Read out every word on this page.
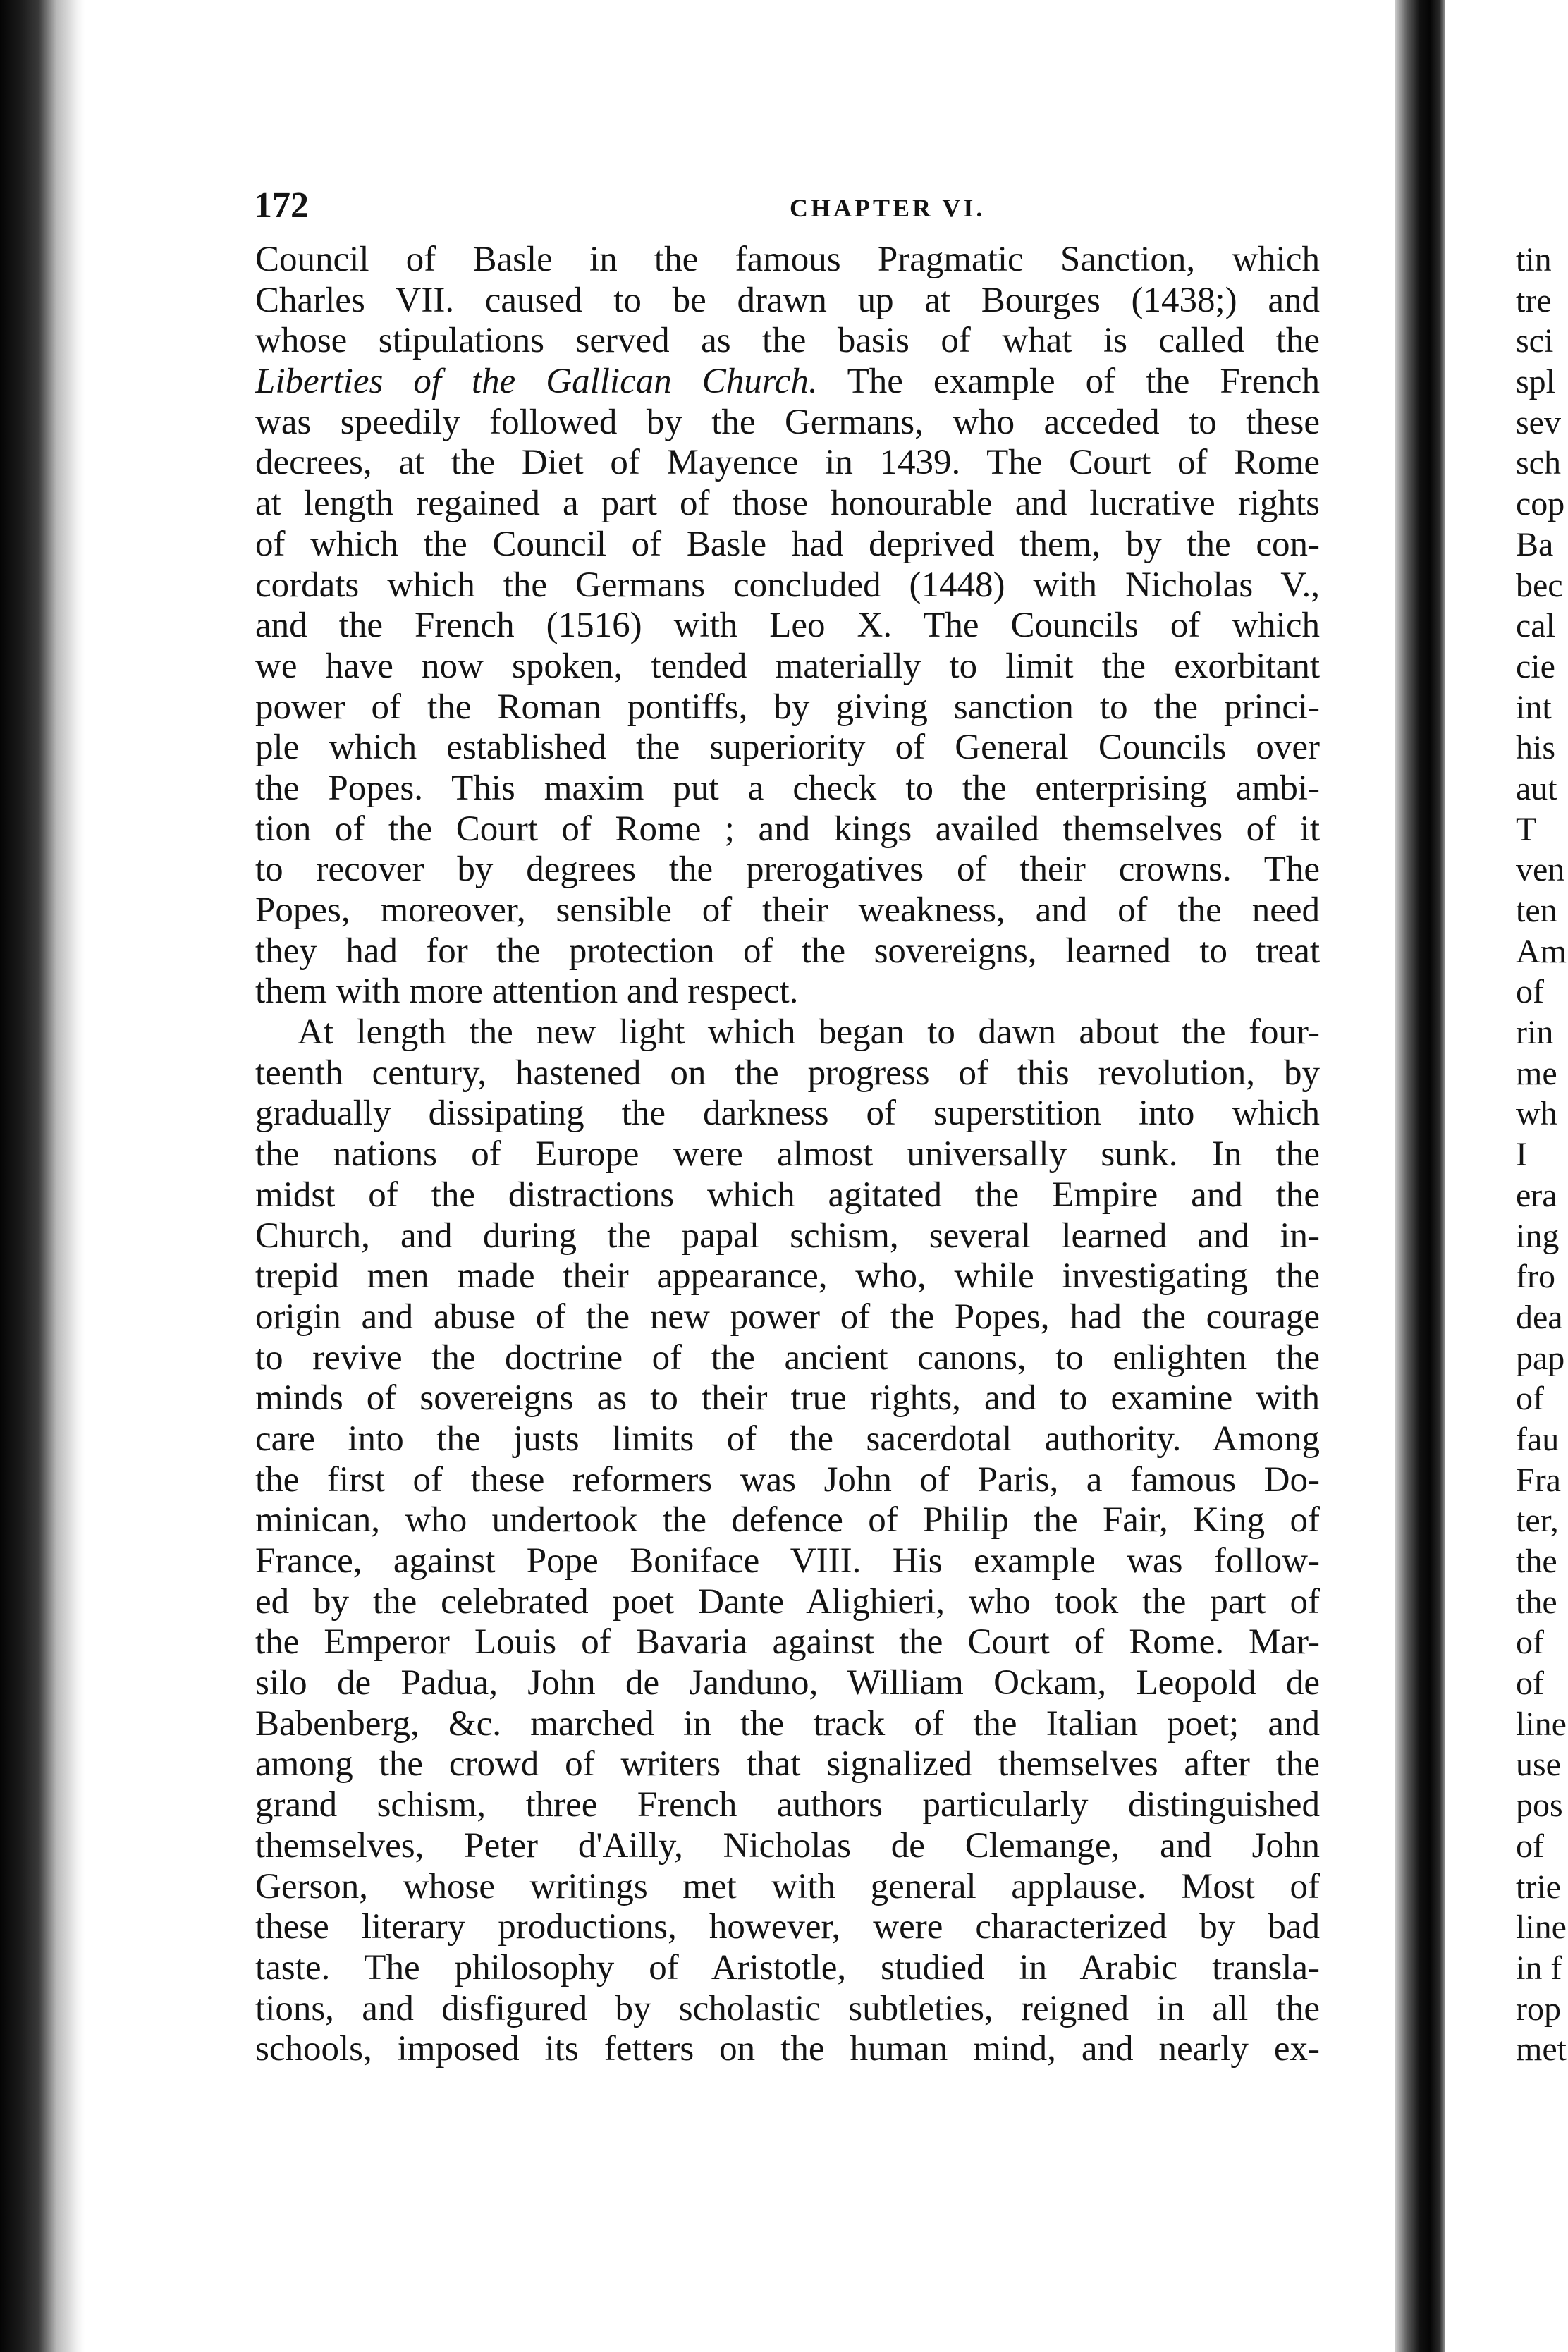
172	CHAPTER VI.
Council of Basle in the famous Pragmatic Sanction, which
Charles VII. caused to be drawn up at Bourges (1438;) and
whose stipulations served as the basis of what is called the
Liberties of the Gallican Church. The example of the French
was speedily followed by the Germans, who acceded to these
decrees, at the Diet of Mayence in 1439. The Court of Rome
at length regained a part of those honourable and lucrative rights
of which the Council of Basle had deprived them, by the con-
cordats which the Germans concluded (1448) with Nicholas V.,
and the French (1516) with Leo X. The Councils of which
we have now spoken, tended materially to limit the exorbitant
power of the Roman pontiffs, by giving sanction to the princi-
ple which established the superiority of General Councils over
the Popes. This maxim put a check to the enterprising ambi-
tion of the Court of Rome ; and kings availed themselves of it
to recover by degrees the prerogatives of their crowns. The
Popes, moreover, sensible of their weakness, and of the need
they had for the protection of the sovereigns, learned to treat
them with more attention and respect.
At length the new light which began to dawn about the four-
teenth century, hastened on the progress of this revolution, by
gradually dissipating the darkness of superstition into which
the nations of Europe were almost universally sunk. In the
midst of the distractions which agitated the Empire and the
Church, and during the papal schism, several learned and in-
trepid men made their appearance, who, while investigating the
origin and abuse of the new power of the Popes, had the courage
to revive the doctrine of the ancient canons, to enlighten the
minds of sovereigns as to their true rights, and to examine with
care into the justs limits of the sacerdotal authority. Among
the first of these reformers was John of Paris, a famous Do-
minican, who undertook the defence of Philip the Fair, King of
France, against Pope Boniface VIII. His example was follow-
ed by the celebrated poet Dante Alighieri, who took the part of
the Emperor Louis of Bavaria against the Court of Rome. Mar-
silo de Padua, John de Janduno, William Ockam, Leopold de
Babenberg, &c. marched in the track of the Italian poet; and
among the crowd of writers that signalized themselves after the
grand schism, three French authors particularly distinguished
themselves, Peter d'Ailly, Nicholas de Clemange, and John
Gerson, whose writings met with general applause. Most of
these literary productions, however, were characterized by bad
taste. The philosophy of Aristotle, studied in Arabic transla-
tions, and disfigured by scholastic subtleties, reigned in all the
schools, imposed its fetters on the human mind, and nearly ex-
tin
tre
sci
spl
sev
sch
cop
Ba
bec
cal
cie
int
his
aut
T
ven
ten
Am
of
rin
me
wh
I
era
ing
fro
dea
pap
of
fau
Fra
ter,
the
the
of
of
line
use
pos
of
trie
line
in f
rop
met
